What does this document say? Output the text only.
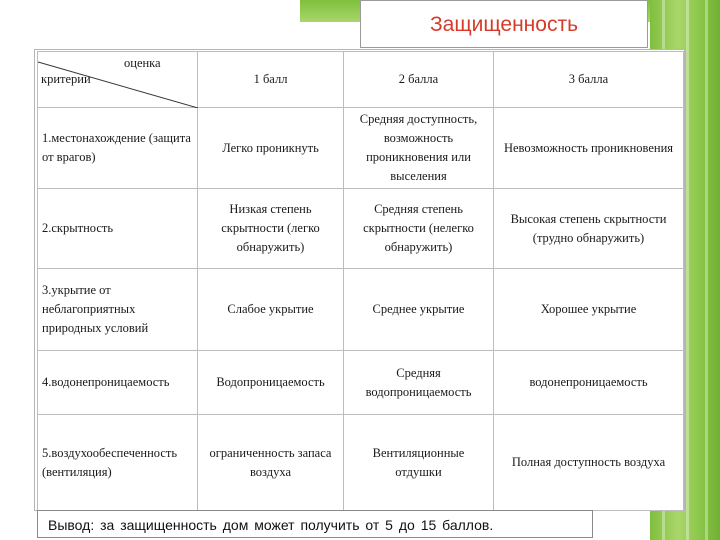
Защищенность
оценка
критерии	1 балл	2 балла	3 балла
1.местонахождение (защита от врагов)	Легко проникнуть	Средняя доступность, возможность проникновения или выселения	Невозможность проникновения
2.скрытность	Низкая степень скрытности (легко обнаружить)	Средняя степень скрытности (нелегко обнаружить)	Высокая степень скрытности (трудно обнаружить)
3.укрытие от неблагоприятных природных условий	Слабое укрытие	Среднее укрытие	Хорошее укрытие
4.водонепроницаемость	Водопроницаемость	Средняя водопроницаемость	водонепроницаемость
5.воздухообеспеченность (вентиляция)	ограниченность запаса воздуха	Вентиляционные отдушки	Полная доступность воздуха
Вывод: за защищенность дом может получить от 5 до 15 баллов.
